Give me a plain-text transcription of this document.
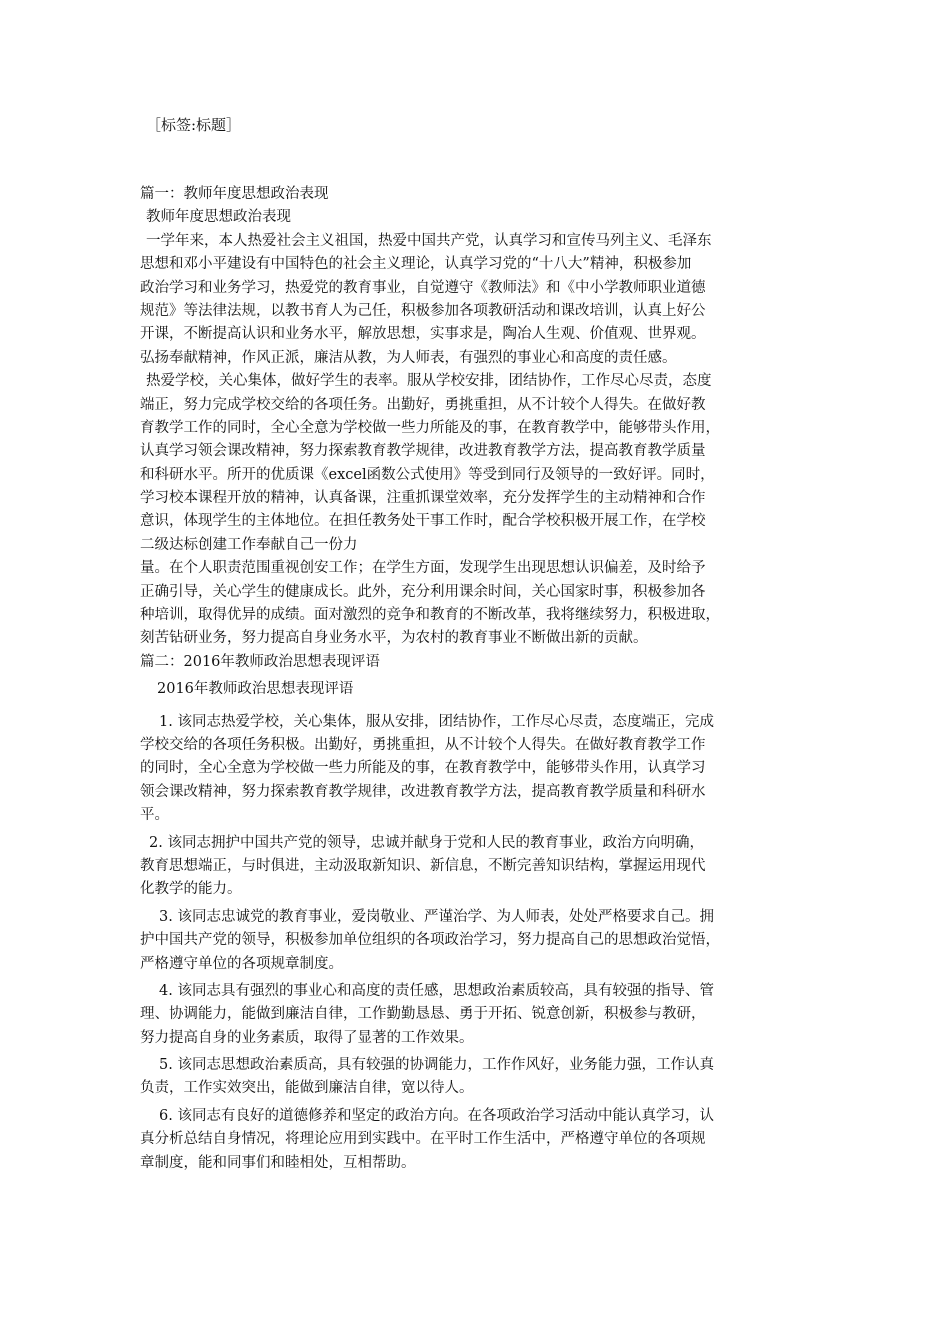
［标签:标题］
篇一：教师年度思想政治表现
教师年度思想政治表现
一学年来，本人热爱社会主义祖国，热爱中国共产党，认真学习和宣传马列主义、毛泽东
思想和邓小平建设有中国特色的社会主义理论，认真学习党的“十八大”精神，积极参加
政治学习和业务学习，热爱党的教育事业，自觉遵守《教师法》和《中小学教师职业道德
规范》等法律法规，以教书育人为己任，积极参加各项教研活动和课改培训，认真上好公
开课，不断提高认识和业务水平，解放思想，实事求是，陶冶人生观、价值观、世界观。
弘扬奉献精神，作风正派，廉洁从教，为人师表，有强烈的事业心和高度的责任感。
热爱学校，关心集体，做好学生的表率。服从学校安排，团结协作，工作尽心尽责，态度
端正，努力完成学校交给的各项任务。出勤好，勇挑重担，从不计较个人得失。在做好教
育教学工作的同时，全心全意为学校做一些力所能及的事，在教育教学中，能够带头作用，
认真学习领会课改精神，努力探索教育教学规律，改进教育教学方法，提高教育教学质量
和科研水平。所开的优质课《excel函数公式使用》等受到同行及领导的一致好评。同时，
学习校本课程开放的精神，认真备课，注重抓课堂效率，充分发挥学生的主动精神和合作
意识，体现学生的主体地位。在担任教务处干事工作时，配合学校积极开展工作，在学校
二级达标创建工作奉献自己一份力
量。在个人职责范围重视创安工作；在学生方面，发现学生出现思想认识偏差，及时给予
正确引导，关心学生的健康成长。此外，充分利用课余时间，关心国家时事，积极参加各
种培训，取得优异的成绩。面对激烈的竞争和教育的不断改革，我将继续努力，积极进取，
刻苦钻研业务，努力提高自身业务水平，为农村的教育事业不断做出新的贡献。
篇二：2016年教师政治思想表现评语
2016年教师政治思想表现评语
1. 该同志热爱学校，关心集体，服从安排，团结协作，工作尽心尽责，态度端正，完成
学校交给的各项任务积极。出勤好，勇挑重担，从不计较个人得失。在做好教育教学工作
的同时，全心全意为学校做一些力所能及的事，在教育教学中，能够带头作用，认真学习
领会课改精神，努力探索教育教学规律，改进教育教学方法，提高教育教学质量和科研水
平。
2. 该同志拥护中国共产党的领导，忠诚并献身于党和人民的教育事业，政治方向明确，
教育思想端正，与时俱进，主动汲取新知识、新信息，不断完善知识结构，掌握运用现代
化教学的能力。
3. 该同志忠诚党的教育事业，爱岗敬业、严谨治学、为人师表，处处严格要求自己。拥
护中国共产党的领导，积极参加单位组织的各项政治学习，努力提高自己的思想政治觉悟，
严格遵守单位的各项规章制度。
4. 该同志具有强烈的事业心和高度的责任感，思想政治素质较高，具有较强的指导、管
理、协调能力，能做到廉洁自律，工作勤勤恳恳、勇于开拓、锐意创新，积极参与教研，
努力提高自身的业务素质，取得了显著的工作效果。
5. 该同志思想政治素质高，具有较强的协调能力，工作作风好，业务能力强，工作认真
负责，工作实效突出，能做到廉洁自律，宽以待人。
6. 该同志有良好的道德修养和坚定的政治方向。在各项政治学习活动中能认真学习，认
真分析总结自身情况，将理论应用到实践中。在平时工作生活中，严格遵守单位的各项规
章制度，能和同事们和睦相处，互相帮助。
